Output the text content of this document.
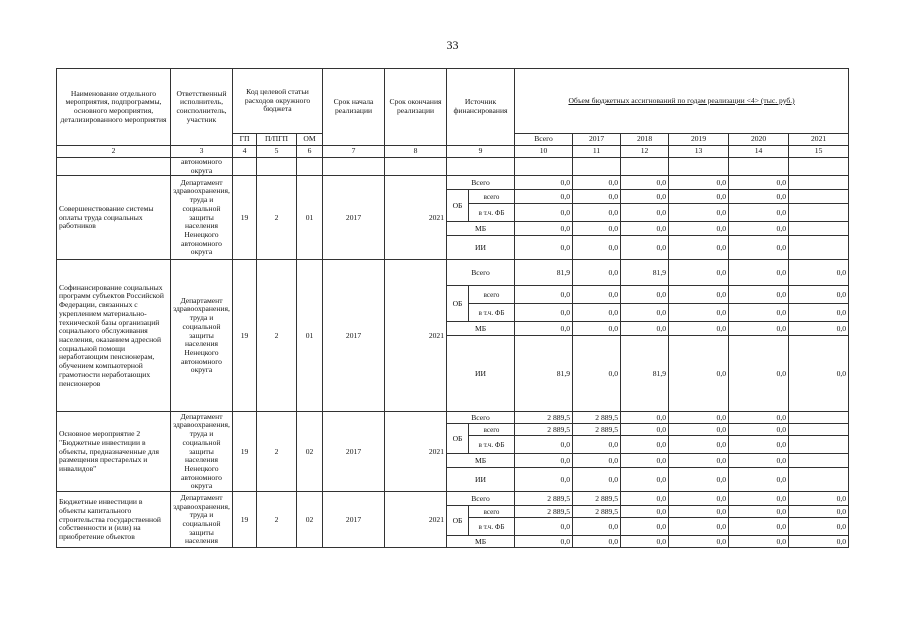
33
Наименование отдельного мероприятия, подпрограммы, основного мероприятия, детализированного мероприятия	Ответственный исполнитель, соисполнитель, участник	Код целевой статьи расходов окружного бюджета			Срок начала реализации	Срок окончания реализации	Источник финансирования		Объем бюджетных ассигнований по годам реализации <4> (тыс. руб.)					
		ГП	П/ПГП	ОМ					Всего	2017	2018	2019	2020	2021
2	3	4	5	6	7	8	9		10	11	12	13	14	15
	автономного округа													
Совершенствование системы оплаты труда социальных работников	Департамент здравоохранения, труда и социальной защиты населения Ненецкого автономного округа	19	2	01	2017	2021	Всего		0,0	0,0	0,0	0,0	0,0	
							ОБ	всего	0,0	0,0	0,0	0,0	0,0	
								в т.ч. ФБ	0,0	0,0	0,0	0,0	0,0	
							МБ		0,0	0,0	0,0	0,0	0,0	
							ИИ		0,0	0,0	0,0	0,0	0,0	
Софинансирование социальных программ субъектов Российской Федерации, связанных с укреплением материально-технической базы организаций социального обслуживания населения, оказанием адресной социальной помощи неработающим пенсионерам, обучением компьютерной грамотности неработающих пенсионеров	Департамент здравоохранения, труда и социальной защиты населения Ненецкого автономного округа	19	2	01	2017	2021	Всего		81,9	0,0	81,9	0,0	0,0	0,0
							ОБ	всего	0,0	0,0	0,0	0,0	0,0	0,0
								в т.ч. ФБ	0,0	0,0	0,0	0,0	0,0	0,0
							МБ		0,0	0,0	0,0	0,0	0,0	0,0
							ИИ		81,9	0,0	81,9	0,0	0,0	0,0
Основное мероприятие 2 "Бюджетные инвестиции в объекты, предназначенные для размещения престарелых и инвалидов"	Департамент здравоохранения, труда и социальной защиты населения Ненецкого автономного округа	19	2	02	2017	2021	Всего		2 889,5	2 889,5	0,0	0,0	0,0	
							ОБ	всего	2 889,5	2 889,5	0,0	0,0	0,0	
								в т.ч. ФБ	0,0	0,0	0,0	0,0	0,0	
							МБ		0,0	0,0	0,0	0,0	0,0	
							ИИ		0,0	0,0	0,0	0,0	0,0	
Бюджетные инвестиции в объекты капитального строительства государственной собственности и (или) на приобретение объектов	Департамент здравоохранения, труда и социальной защиты населения	19	2	02	2017	2021	Всего		2 889,5	2 889,5	0,0	0,0	0,0	0,0
							ОБ	всего	2 889,5	2 889,5	0,0	0,0	0,0	0,0
								в т.ч. ФБ	0,0	0,0	0,0	0,0	0,0	0,0
							МБ		0,0	0,0	0,0	0,0	0,0	0,0
